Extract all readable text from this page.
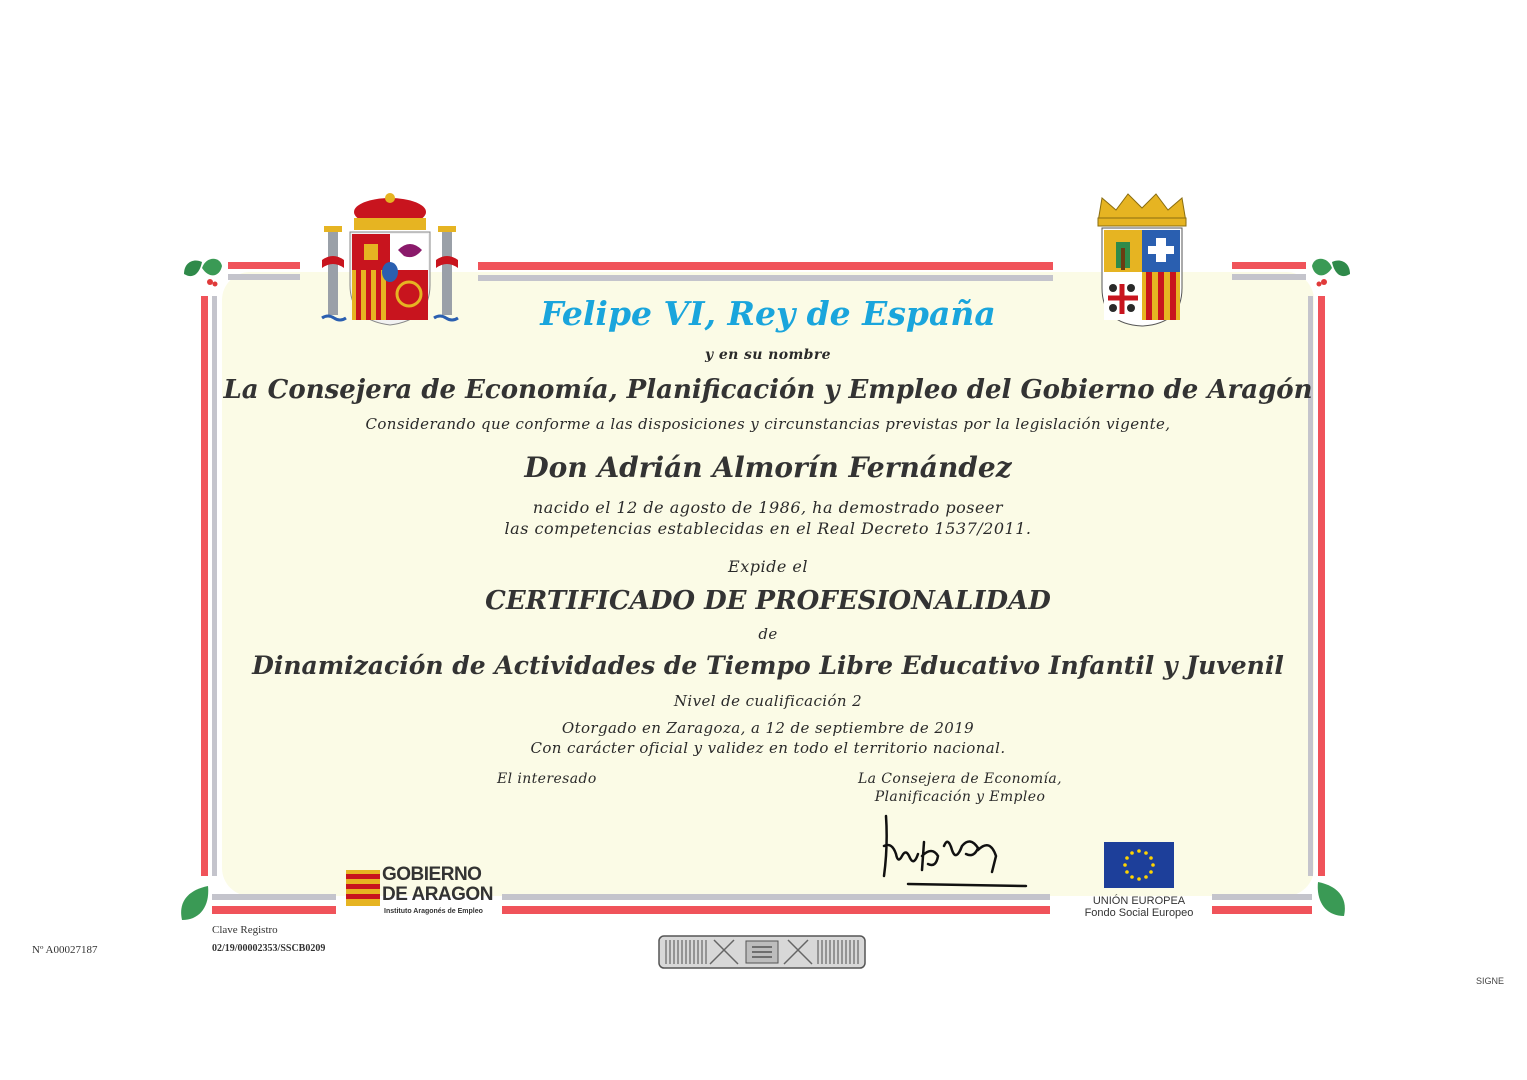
Felipe VI, Rey de España
y en su nombre
La Consejera de Economía, Planificación y Empleo del Gobierno de Aragón
Considerando que conforme a las disposiciones y circunstancias previstas por la legislación vigente,
Don Adrián Almorín Fernández
nacido el 12 de agosto de 1986, ha demostrado poseer
las competencias establecidas en el Real Decreto 1537/2011.
Expide el
CERTIFICADO DE PROFESIONALIDAD
de
Dinamización de Actividades de Tiempo Libre Educativo Infantil y Juvenil
Nivel de cualificación 2
Otorgado en Zaragoza, a 12 de septiembre de 2019
Con carácter oficial y validez en todo el territorio nacional.
El interesado	La Consejera de Economía,
Planificación y Empleo
GOBIERNO
DE ARAGON
Instituto Aragonés de Empleo
UNIÓN EUROPEA
Fondo Social Europeo
Nº A00027187
Clave Registro
02/19/00002353/SSCB0209
SIGNE
